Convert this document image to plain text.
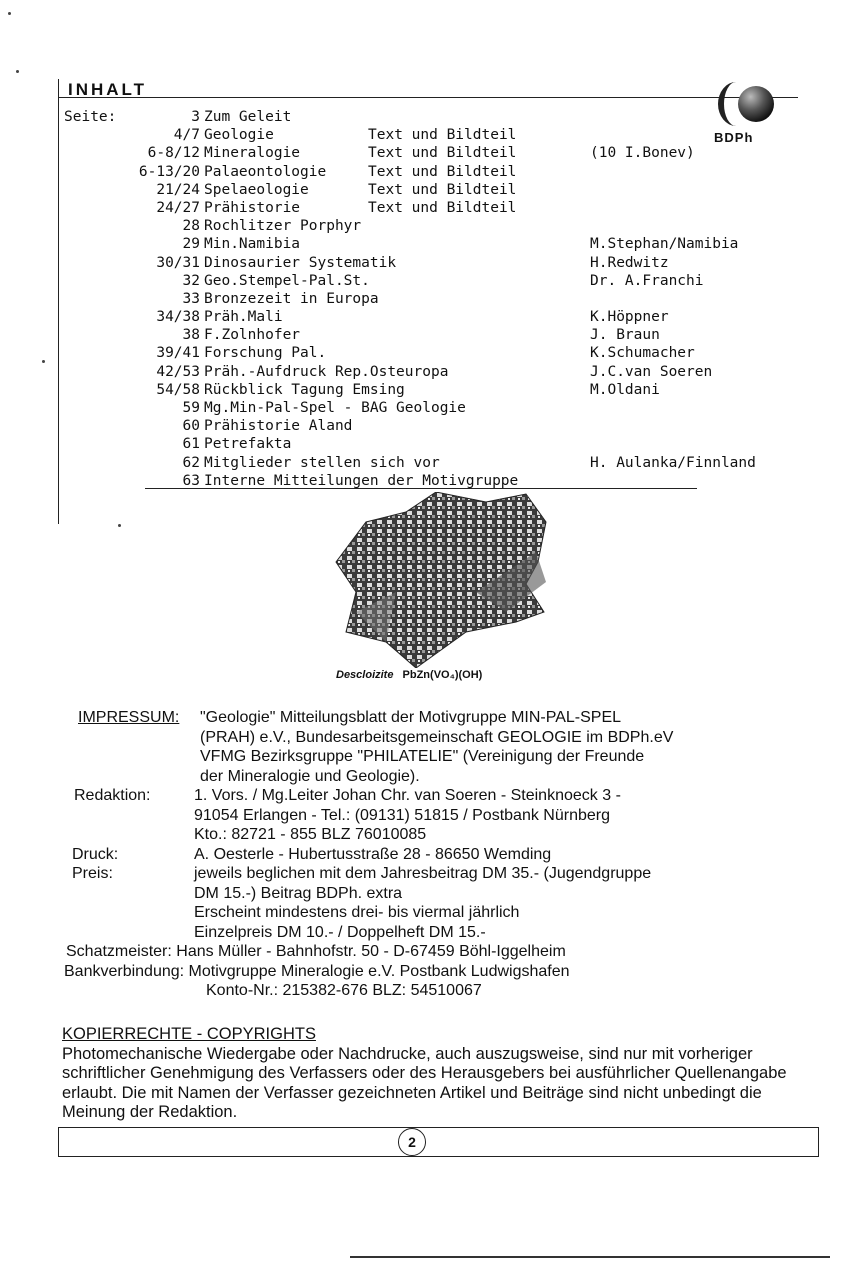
INHALT
BDPh
Seite:	3 Zum Geleit
4/7 Geologie	Text und Bildteil
6-8/12 Mineralogie	Text und Bildteil	(10 I.Bonev)
6-13/20 Palaeontologie	Text und Bildteil
21/24 Spelaeologie	Text und Bildteil
24/27 Prähistorie	Text und Bildteil
28 Rochlitzer Porphyr
29 Min.Namibia	M.Stephan/Namibia
30/31 Dinosaurier Systematik	H.Redwitz
32 Geo.Stempel-Pal.St.	Dr. A.Franchi
33 Bronzezeit in Europa
34/38 Präh.Mali	K.Höppner
38 F.Zolnhofer	J. Braun
39/41 Forschung Pal.	K.Schumacher
42/53 Präh.-Aufdruck Rep.Osteuropa	J.C.van Soeren
54/58 Rückblick Tagung Emsing	M.Oldani
59 Mg.Min-Pal-Spel - BAG Geologie
60 Prähistorie Aland
61 Petrefakta
62 Mitglieder stellen sich vor	H. Aulanka/Finnland
63 Interne Mitteilungen der Motivgruppe
Descloizite PbZn(VO₄)(OH)
IMPRESSUM: "Geologie" Mitteilungsblatt der Motivgruppe MIN-PAL-SPEL
(PRAH) e.V., Bundesarbeitsgemeinschaft GEOLOGIE im BDPh.eV
VFMG Bezirksgruppe "PHILATELIE" (Vereinigung der Freunde
der Mineralogie und Geologie).
Redaktion:	1. Vors. / Mg.Leiter Johan Chr. van Soeren - Steinknoeck 3 -
91054 Erlangen - Tel.: (09131) 51815 / Postbank Nürnberg
Kto.: 82721 - 855 BLZ 76010085
Druck:	A. Oesterle - Hubertusstraße 28 - 86650 Wemding
Preis:	jeweils beglichen mit dem Jahresbeitrag DM 35.- (Jugendgruppe
DM 15.-) Beitrag BDPh. extra
Erscheint mindestens drei- bis viermal jährlich
Einzelpreis DM 10.- / Doppelheft DM 15.-
Schatzmeister: Hans Müller - Bahnhofstr. 50 - D-67459 Böhl-Iggelheim
Bankverbindung: Motivgruppe Mineralogie e.V. Postbank Ludwigshafen
Konto-Nr.: 215382-676 BLZ: 54510067
KOPIERRECHTE - COPYRIGHTS
Photomechanische Wiedergabe oder Nachdrucke, auch auszugsweise, sind nur mit vorheriger schriftlicher Genehmigung des Verfassers oder des Herausgebers bei ausführlicher Quellenangabe erlaubt. Die mit Namen der Verfasser gezeichneten Artikel und Beiträge sind nicht unbedingt die Meinung der Redaktion.
2
